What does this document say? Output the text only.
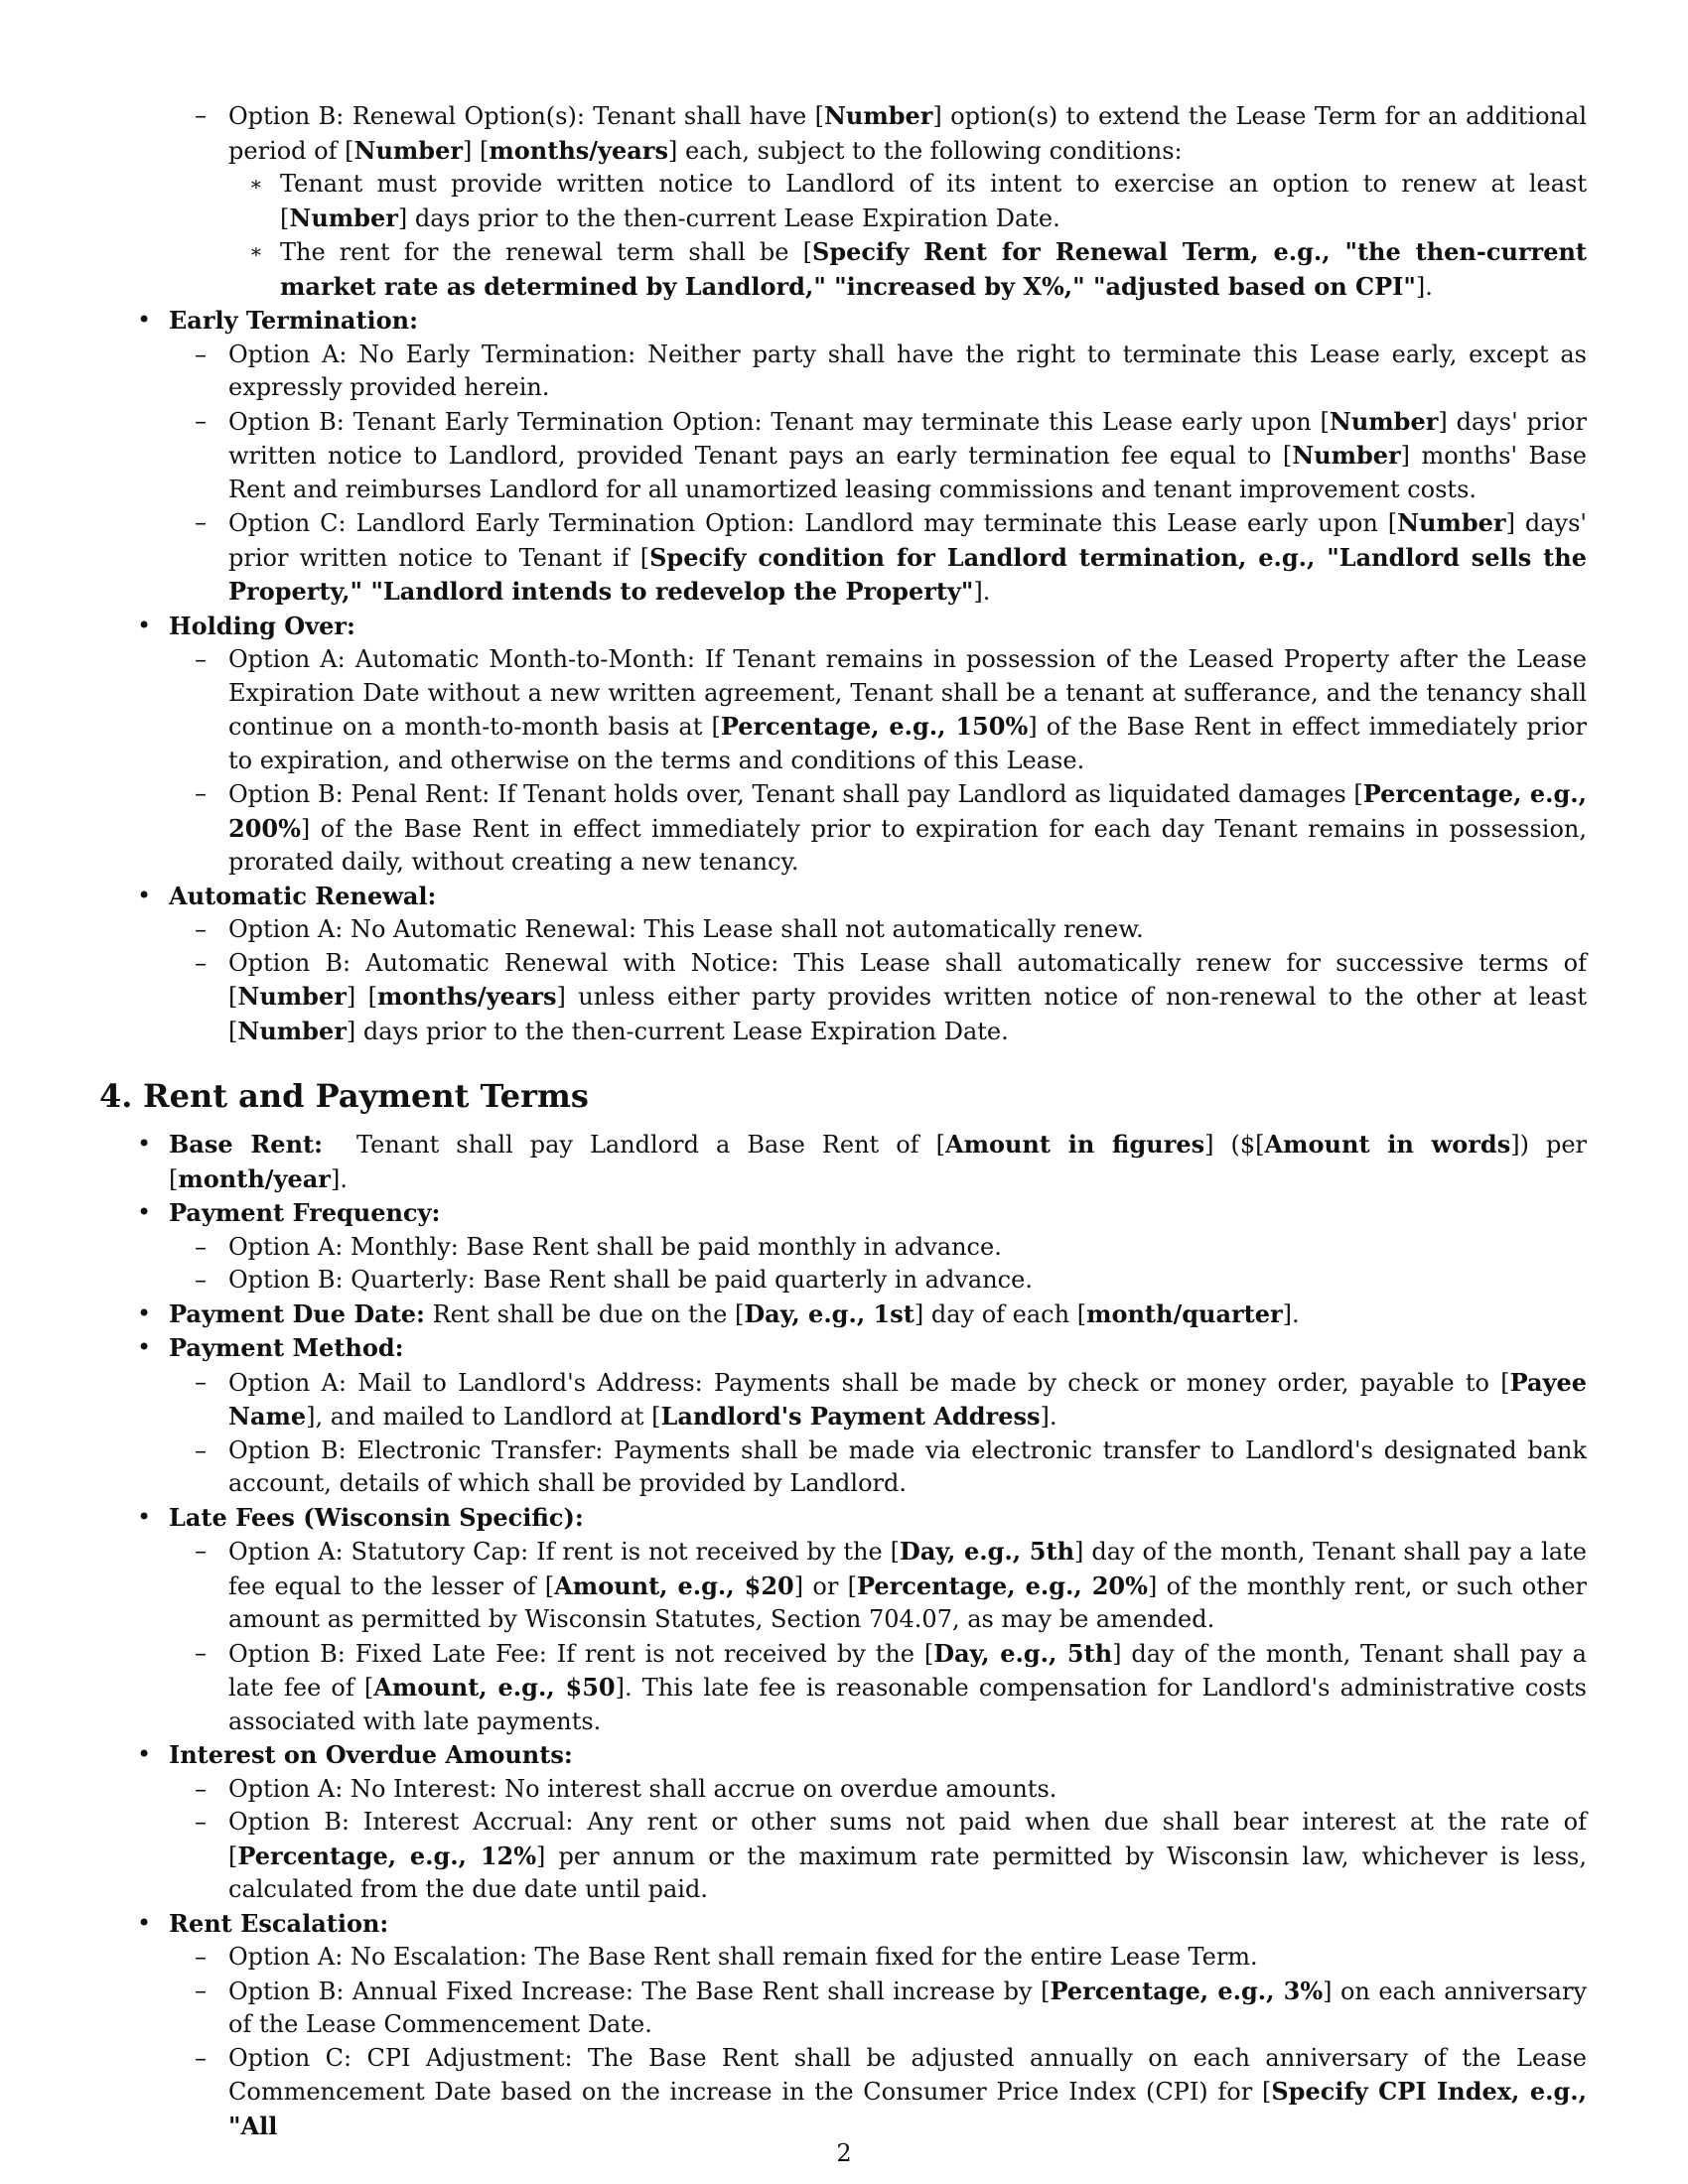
– Option B: Renewal Option(s): Tenant shall have [Number] option(s) to extend the Lease Term for an additional period of [Number] [months/years] each, subject to the following conditions:
∗ Tenant must provide written notice to Landlord of its intent to exercise an option to renew at least [Number] days prior to the then-current Lease Expiration Date.
∗ The rent for the renewal term shall be [Specify Rent for Renewal Term, e.g., "the then-current market rate as determined by Landlord," "increased by X%," "adjusted based on CPI"].
• Early Termination:
– Option A: No Early Termination: Neither party shall have the right to terminate this Lease early, except as expressly provided herein.
– Option B: Tenant Early Termination Option: Tenant may terminate this Lease early upon [Number] days' prior written notice to Landlord, provided Tenant pays an early termination fee equal to [Number] months' Base Rent and reimburses Landlord for all unamortized leasing commissions and tenant improvement costs.
– Option C: Landlord Early Termination Option: Landlord may terminate this Lease early upon [Number] days' prior written notice to Tenant if [Specify condition for Landlord termination, e.g., "Landlord sells the Property," "Landlord intends to redevelop the Property"].
• Holding Over:
– Option A: Automatic Month-to-Month: If Tenant remains in possession of the Leased Property after the Lease Expiration Date without a new written agreement, Tenant shall be a tenant at sufferance, and the tenancy shall continue on a month-to-month basis at [Percentage, e.g., 150%] of the Base Rent in effect immediately prior to expiration, and otherwise on the terms and conditions of this Lease.
– Option B: Penal Rent: If Tenant holds over, Tenant shall pay Landlord as liquidated damages [Percentage, e.g., 200%] of the Base Rent in effect immediately prior to expiration for each day Tenant remains in possession, prorated daily, without creating a new tenancy.
• Automatic Renewal:
– Option A: No Automatic Renewal: This Lease shall not automatically renew.
– Option B: Automatic Renewal with Notice: This Lease shall automatically renew for successive terms of [Number] [months/years] unless either party provides written notice of non-renewal to the other at least [Number] days prior to the then-current Lease Expiration Date.
4. Rent and Payment Terms
• Base Rent: Tenant shall pay Landlord a Base Rent of [Amount in figures] ($[Amount in words]) per [month/year].
• Payment Frequency:
– Option A: Monthly: Base Rent shall be paid monthly in advance.
– Option B: Quarterly: Base Rent shall be paid quarterly in advance.
• Payment Due Date: Rent shall be due on the [Day, e.g., 1st] day of each [month/quarter].
• Payment Method:
– Option A: Mail to Landlord's Address: Payments shall be made by check or money order, payable to [Payee Name], and mailed to Landlord at [Landlord's Payment Address].
– Option B: Electronic Transfer: Payments shall be made via electronic transfer to Landlord's designated bank account, details of which shall be provided by Landlord.
• Late Fees (Wisconsin Specific):
– Option A: Statutory Cap: If rent is not received by the [Day, e.g., 5th] day of the month, Tenant shall pay a late fee equal to the lesser of [Amount, e.g., $20] or [Percentage, e.g., 20%] of the monthly rent, or such other amount as permitted by Wisconsin Statutes, Section 704.07, as may be amended.
– Option B: Fixed Late Fee: If rent is not received by the [Day, e.g., 5th] day of the month, Tenant shall pay a late fee of [Amount, e.g., $50]. This late fee is reasonable compensation for Landlord's administrative costs associated with late payments.
• Interest on Overdue Amounts:
– Option A: No Interest: No interest shall accrue on overdue amounts.
– Option B: Interest Accrual: Any rent or other sums not paid when due shall bear interest at the rate of [Percentage, e.g., 12%] per annum or the maximum rate permitted by Wisconsin law, whichever is less, calculated from the due date until paid.
• Rent Escalation:
– Option A: No Escalation: The Base Rent shall remain fixed for the entire Lease Term.
– Option B: Annual Fixed Increase: The Base Rent shall increase by [Percentage, e.g., 3%] on each anniversary of the Lease Commencement Date.
– Option C: CPI Adjustment: The Base Rent shall be adjusted annually on each anniversary of the Lease Commencement Date based on the increase in the Consumer Price Index (CPI) for [Specify CPI Index, e.g., "All
2
